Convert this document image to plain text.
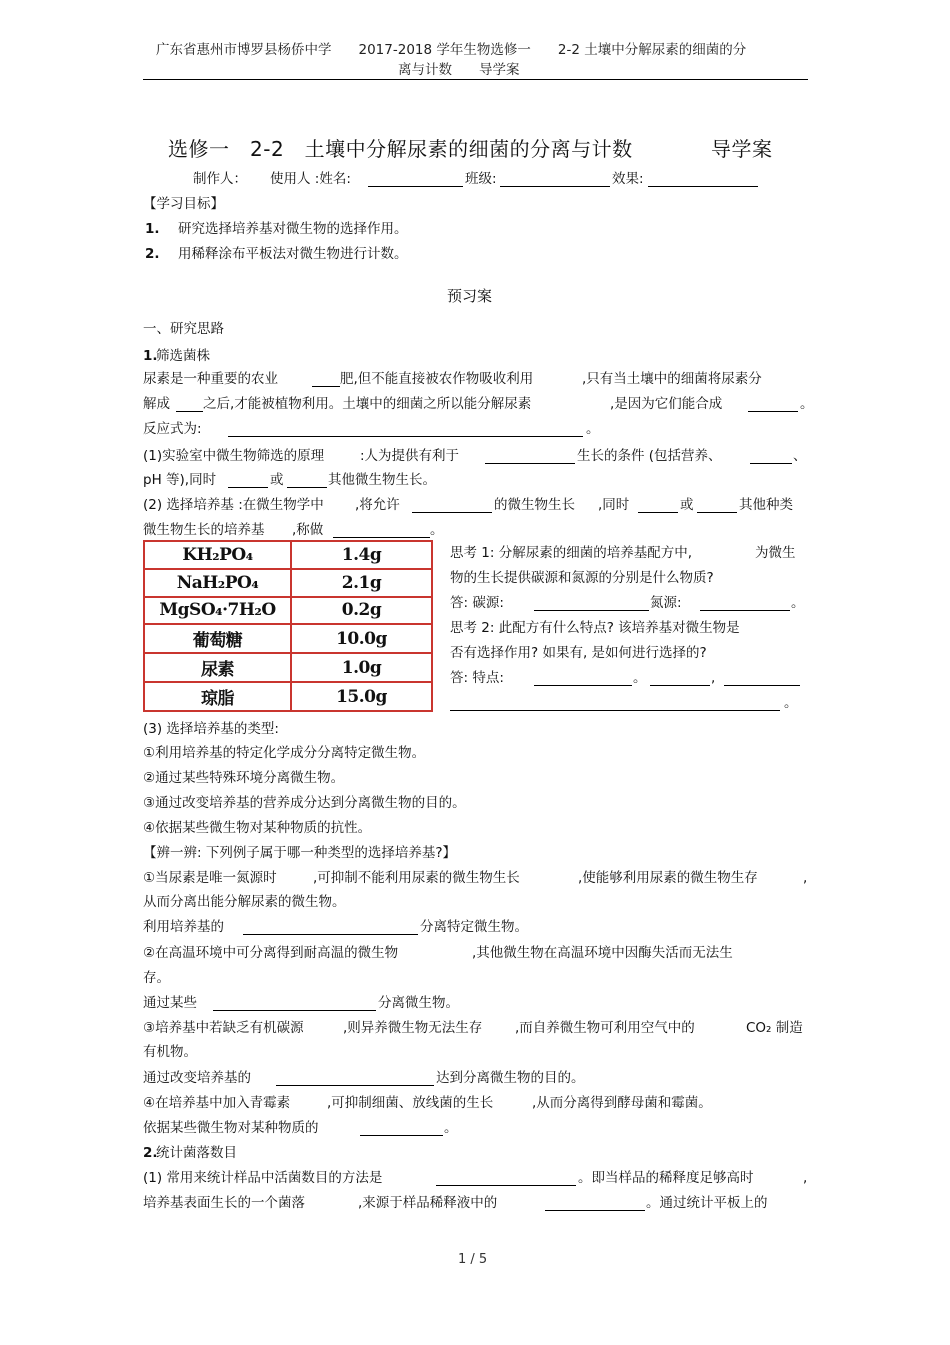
广东省惠州市博罗县杨侨中学　　2017-2018 学年生物选修一　　2-2 土壤中分解尿素的细菌的分
离与计数　　导学案
选修一　2-2　土壤中分解尿素的细菌的分离与计数	导学案
制作人： 使用人 :姓名:	班级:	效果:
【学习目标】
1. 研究选择培养基对微生物的选择作用。
2. 用稀释涂布平板法对微生物进行计数。
预习案
一、研究思路
1.
筛选菌株
尿素是一种重要的农业	肥,但不能直接被农作物吸收利用	,只有当土壤中的细菌将尿素分
解成 之后,才能被植物利用。土壤中的细菌之所以能分解尿素	,是因为它们能合成	。
反应式为:	。
(1)实验室中微生物筛选的原理	:人为提供有利于	生长的条件 (包括营养、	、
pH 等),同时	或	其他微生物生长。
(2) 选择培养基 :在微生物学中 ,将允许	的微生物生长 ,同时	或	其他种类
微生物生长的培养基 ,称做	。
KH₂PO₄	1.4g
NaH₂PO₄	2.1g
MgSO₄·7H₂O	0.2g
葡萄糖	10.0g
尿素	1.0g
琼脂	15.0g
思考 1: 分解尿素的细菌的培养基配方中,	为微生
物的生长提供碳源和氮源的分别是什么物质?
答: 碳源:	氮源:	。
思考 2: 此配方有什么特点? 该培养基对微生物是
否有选择作用? 如果有, 是如何进行选择的?
答: 特点:	。	,
。
(3) 选择培养基的类型:
①利用培养基的特定化学成分分离特定微生物。
②通过某些特殊环境分离微生物。
③通过改变培养基的营养成分达到分离微生物的目的。
④依据某些微生物对某种物质的抗性。
【辨一辨: 下列例子属于哪一种类型的选择培养基?】
①当尿素是唯一氮源时	,可抑制不能利用尿素的微生物生长	,使能够利用尿素的微生物生存	,
从而分离出能分解尿素的微生物。
利用培养基的	分离特定微生物。
②在高温环境中可分离得到耐高温的微生物	,其他微生物在高温环境中因酶失活而无法生
存。
通过某些	分离微生物。
③培养基中若缺乏有机碳源	,则异养微生物无法生存 ,而自养微生物可利用空气中的	CO₂ 制造
有机物。
通过改变培养基的	达到分离微生物的目的。
④在培养基中加入青霉素	,可抑制细菌、放线菌的生长	,从而分离得到酵母菌和霉菌。
依据某些微生物对某种物质的	。
2.
统计菌落数目
(1) 常用来统计样品中活菌数目的方法是	。即当样品的稀释度足够高时	,
培养基表面生长的一个菌落	,来源于样品稀释液中的	。通过统计平板上的
1 / 5
